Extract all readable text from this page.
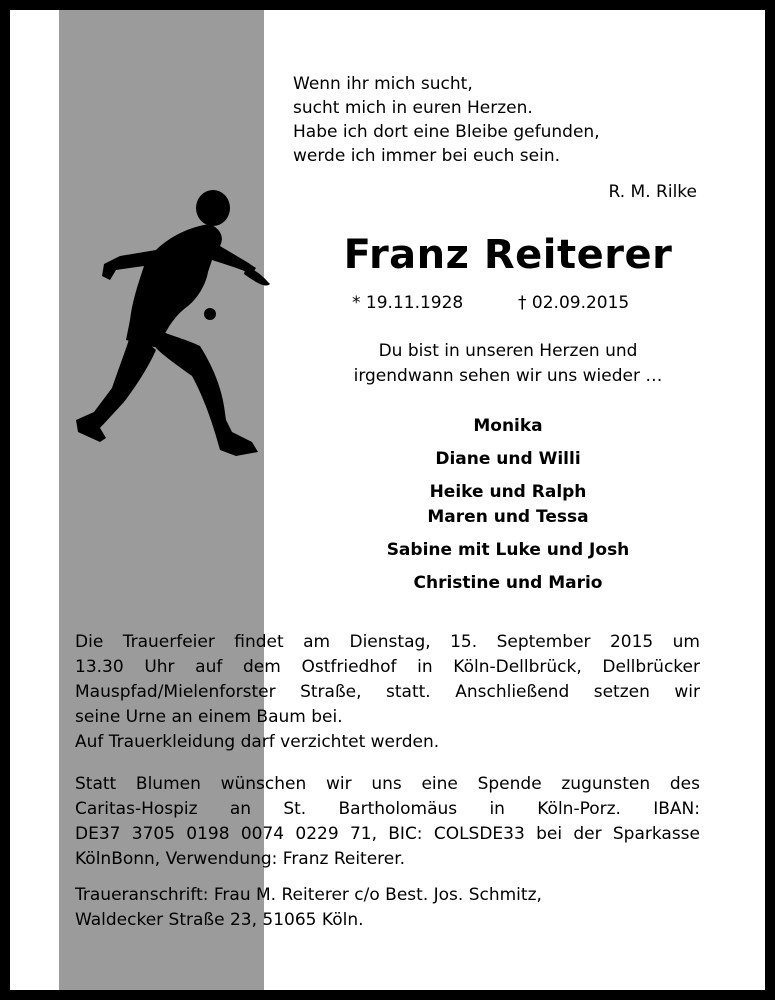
Wenn ihr mich sucht,
sucht mich in euren Herzen.
Habe ich dort eine Bleibe gefunden,
werde ich immer bei euch sein.
R. M. Rilke
Franz Reiterer
* 19.11.1928	† 02.09.2015
Du bist in unseren Herzen und
irgendwann sehen wir uns wieder …
Monika
Diane und Willi
Heike und Ralph
Maren und Tessa
Sabine mit Luke und Josh
Christine und Mario
Die Trauerfeier findet am Dienstag, 15. September 2015 um
13.30 Uhr auf dem Ostfriedhof in Köln-Dellbrück, Dellbrücker
Mauspfad/Mielenforster Straße, statt. Anschließend setzen wir
seine Urne an einem Baum bei.
Auf Trauerkleidung darf verzichtet werden.
Statt Blumen wünschen wir uns eine Spende zugunsten des
Caritas-Hospiz an St. Bartholomäus in Köln-Porz. IBAN:
DE37 3705 0198 0074 0229 71, BIC: COLSDE33 bei der Sparkasse
KölnBonn, Verwendung: Franz Reiterer.
Traueranschrift: Frau M. Reiterer c/o Best. Jos. Schmitz,
Waldecker Straße 23, 51065 Köln.
